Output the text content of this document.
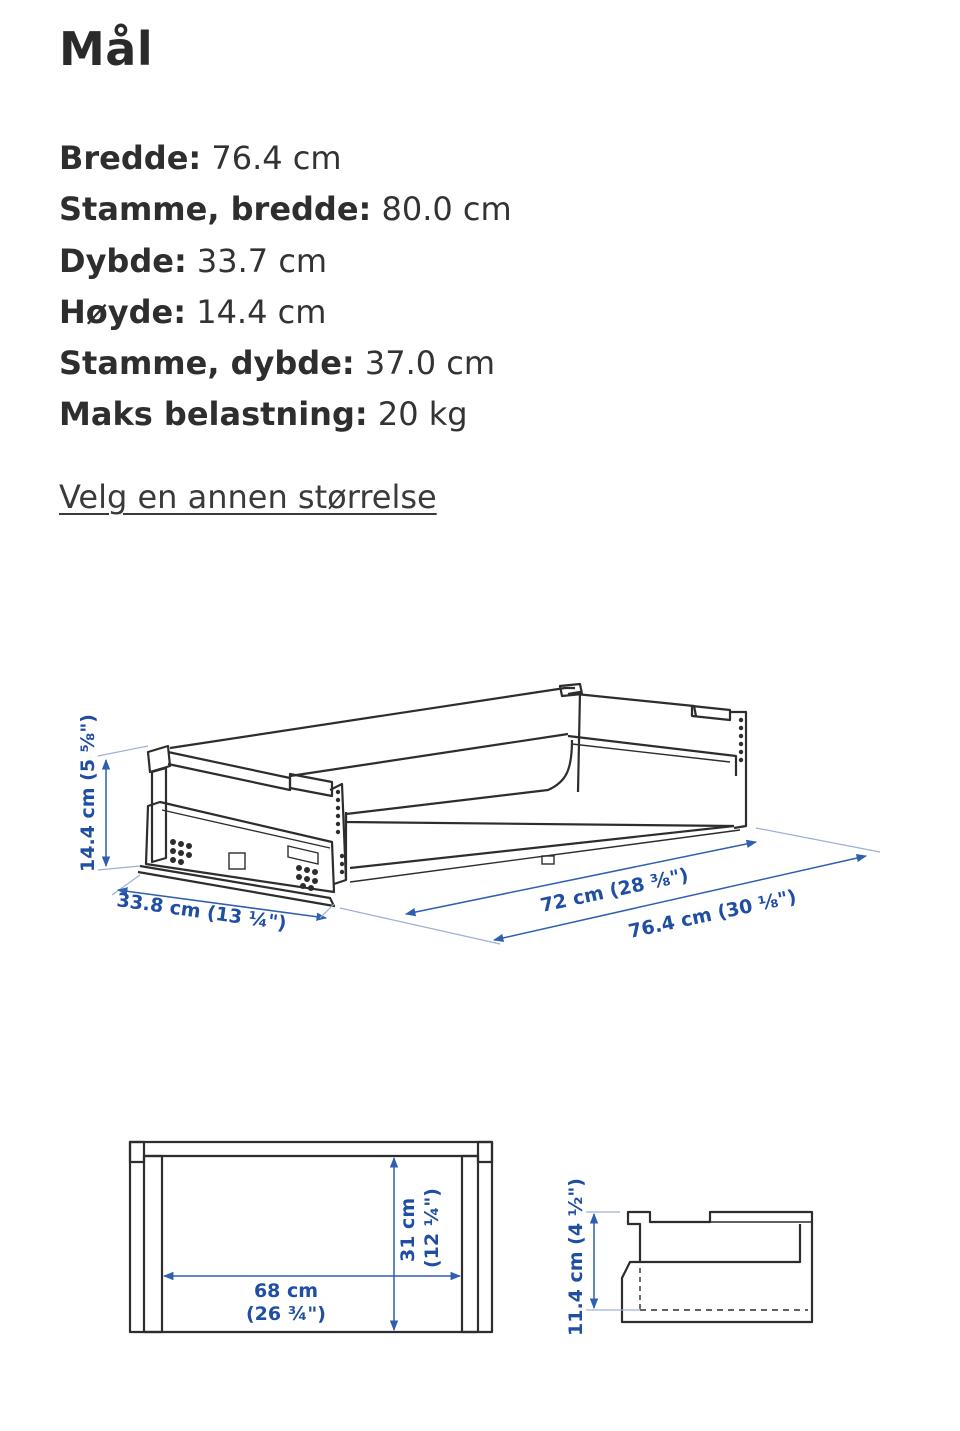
Mål
Bredde: 76.4 cm
Stamme, bredde: 80.0 cm
Dybde: 33.7 cm
Høyde: 14.4 cm
Stamme, dybde: 37.0 cm
Maks belastning: 20 kg
Velg en annen størrelse
14.4 cm (5 ⅝")
33.8 cm (13 ¼")	72 cm (28 ⅜")
76.4 cm (30 ⅛")
68 cm
(26 ¾")
31 cm (12 ¼")	11.4 cm (4 ½")
